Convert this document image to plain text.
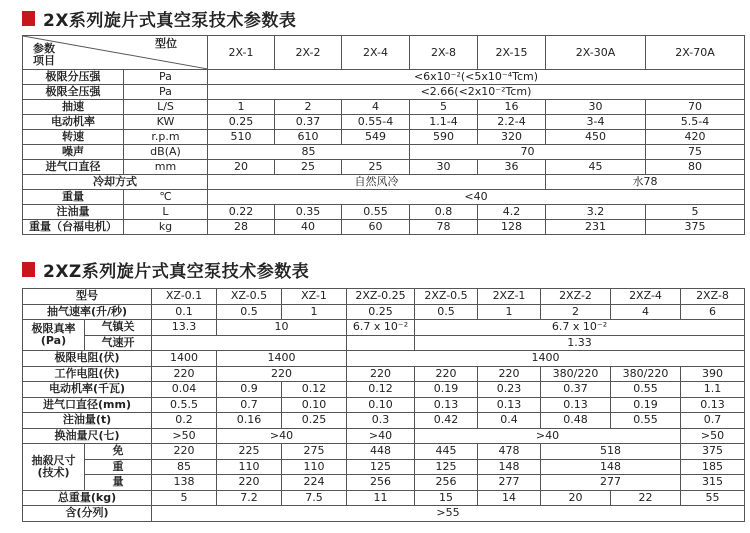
2X系列旋片式真空泵技术参数表
型位
参数
项目		2X-1	2X-2	2X-4	2X-8	2X-15	2X-30A	2X-70A
极限分压强	Pa	<6x10⁻²(<5x10⁻⁴Tcm)						
极限全压强	Pa	<2.66(<2x10⁻²Tcm)						
抽速	L/S	1	2	4	5	16	30	70
电动机率	KW	0.25	0.37	0.55-4	1.1-4	2.2-4	3-4	5.5-4
转速	r.p.m	510	610	549	590	320	450	420
噪声	dB(A)	85			70			75
进气口直径	mm	20	25	25	30	36	45	80
冷却方式		自然风冷					水78	
重量	℃	<40						
注油量	L	0.22	0.35	0.55	0.8	4.2	3.2	5
重量（台福电机）	kg	28	40	60	78	128	231	375
2XZ系列旋片式真空泵技术参数表
型号		XZ-0.1	XZ-0.5	XZ-1	2XZ-0.25	2XZ-0.5	2XZ-1	2XZ-2	2XZ-4	2XZ-8
抽气速率(升/秒)		0.1	0.5	1	0.25	0.5	1	2	4	6
极限真率
(Pa)	气镇关	13.3	10		6.7 x 10⁻²	6.7 x 10⁻²				
	气速开					1.33				
极限电阻(伏)		1400	1400		1400					
工作电阻(伏)		220	220		220	220	220	380/220	380/220	390
电动机率(千瓦)		0.04	0.9	0.12	0.12	0.19	0.23	0.37	0.55	1.1
进气口直径(mm)		0.5.5	0.7	0.10	0.10	0.13	0.13	0.13	0.19	0.13
注油量(t)		0.2	0.16	0.25	0.3	0.42	0.4	0.48	0.55	0.7
换油量尺(七)		>50	>40		>40	>40				>50
抽殺尺寸
(技术)	免	220	225	275	448	445	478	518		375
	重	85	110	110	125	125	148	148		185
	量	138	220	224	256	256	277	277		315
总重量(kg)		5	7.2	7.5	11	15	14	20	22	55
含(分列)		>55								
